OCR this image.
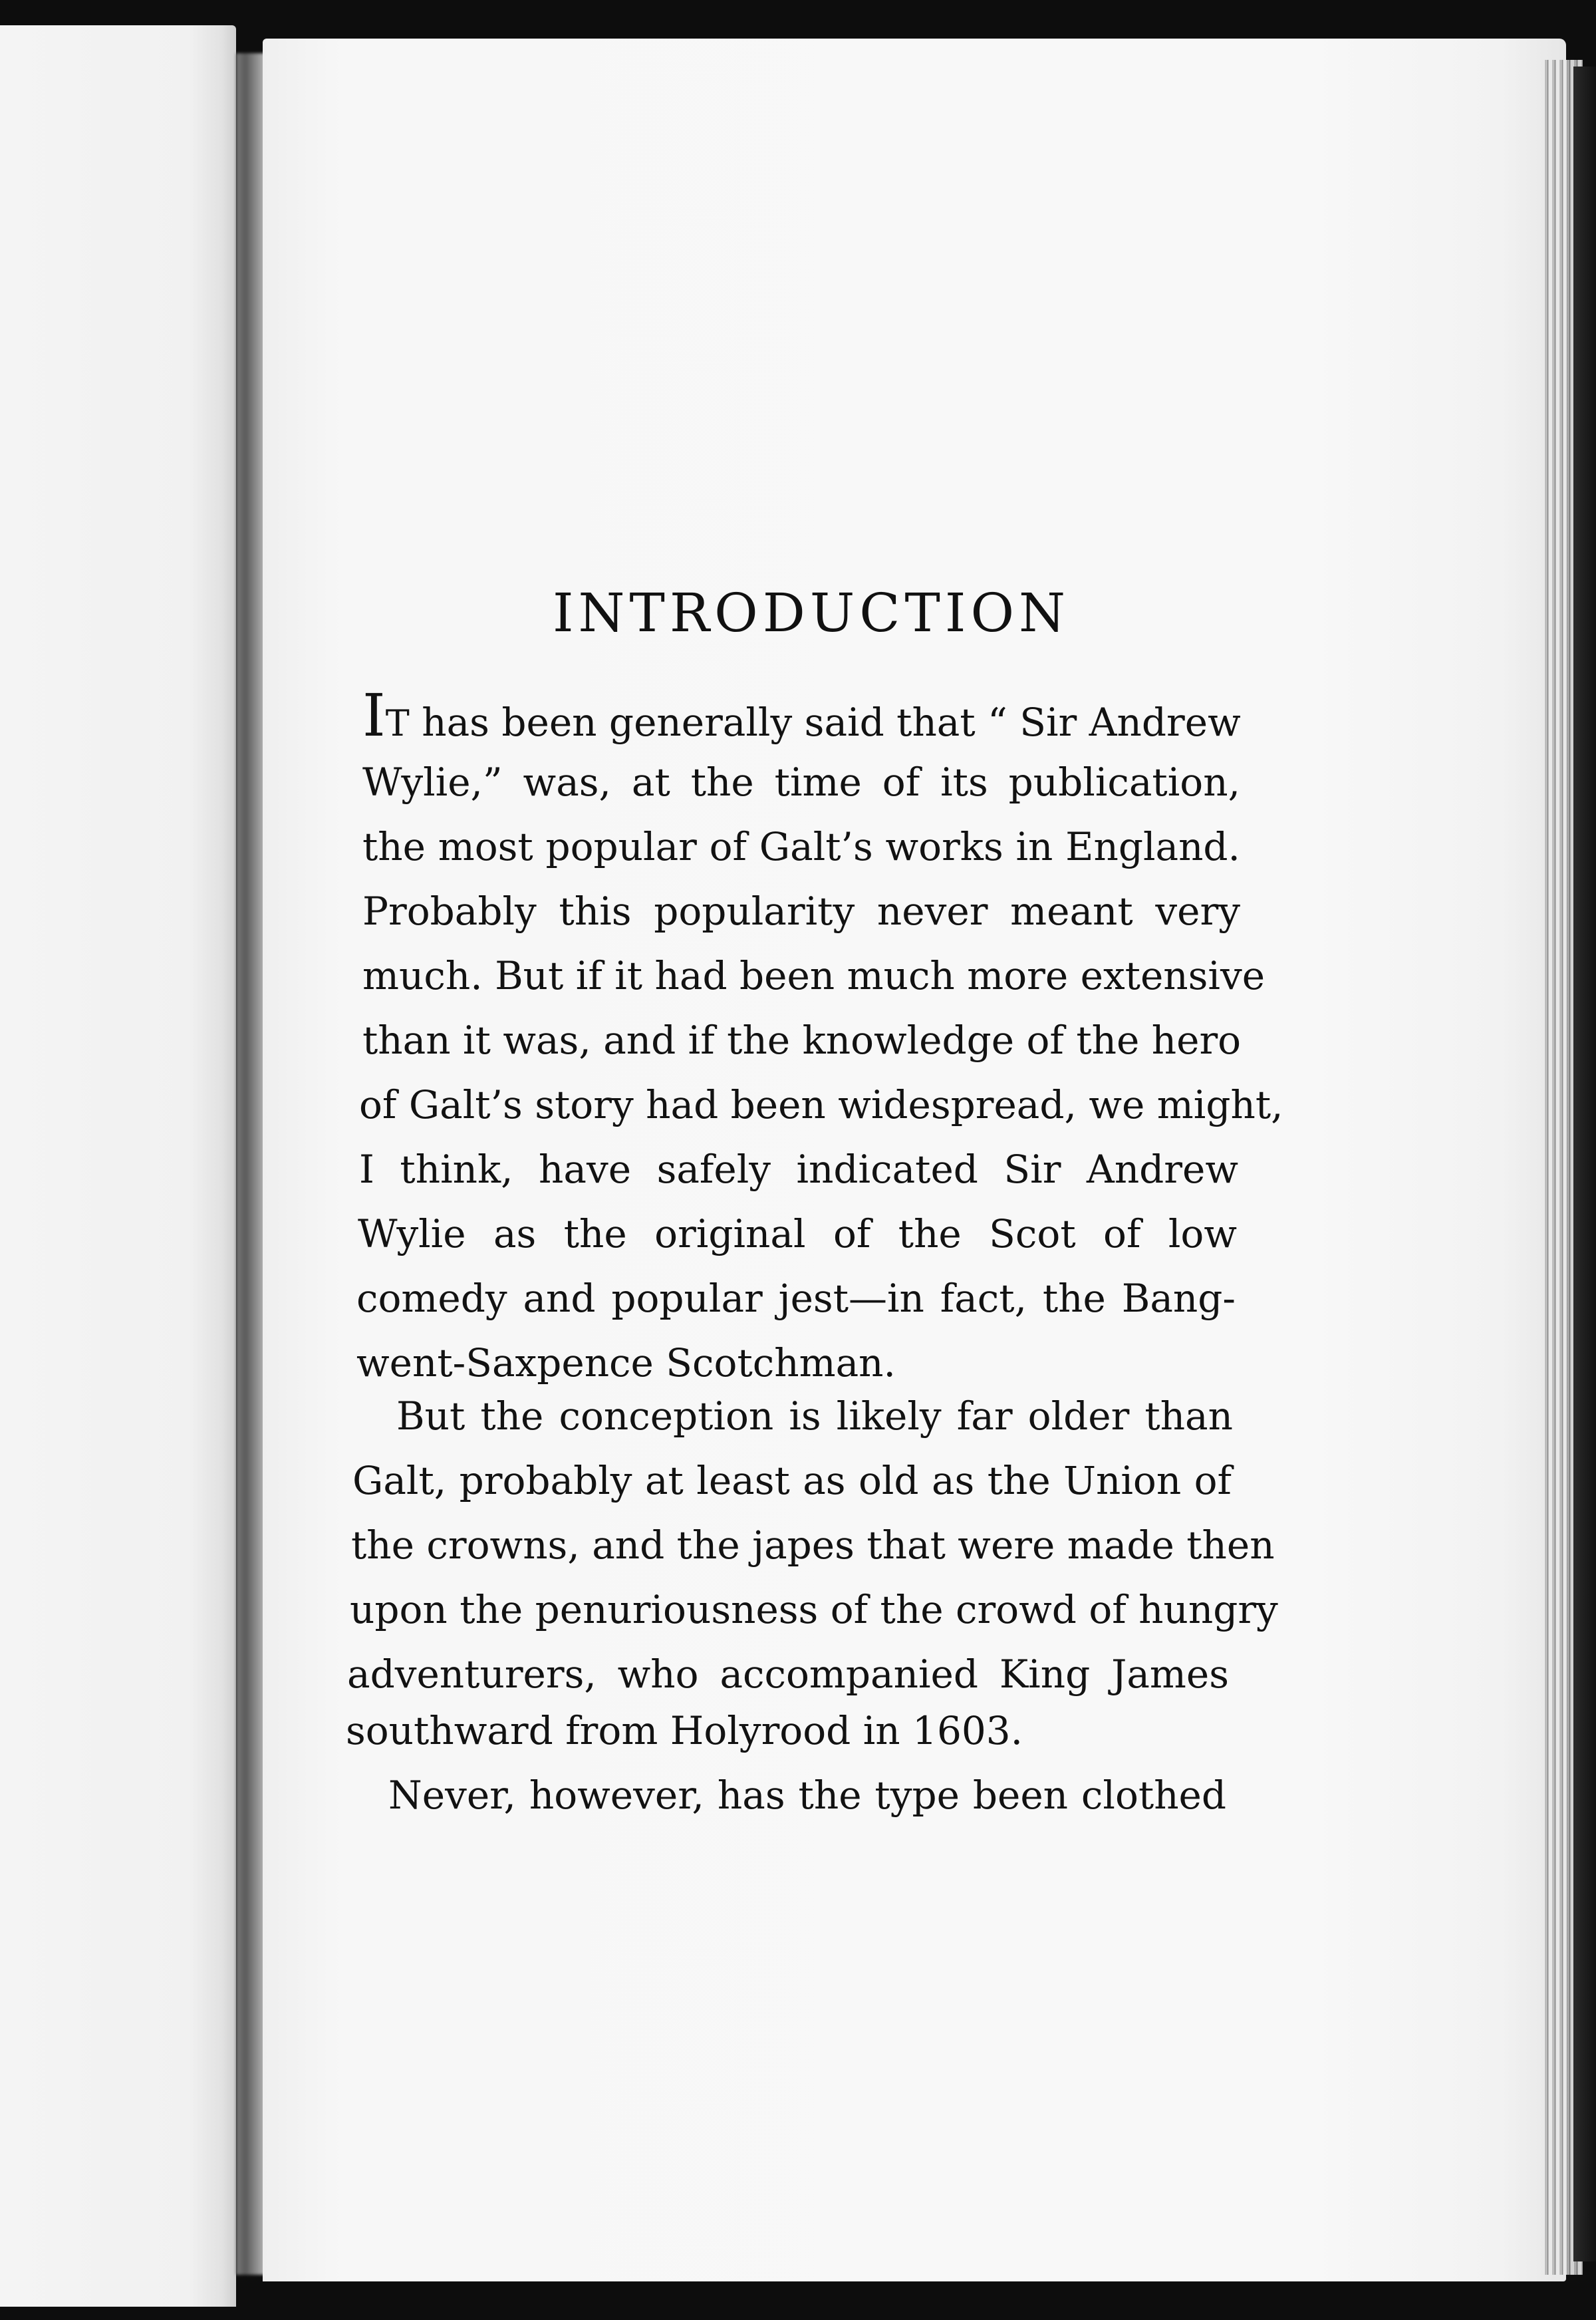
INTRODUCTION
IT has been generally said that “ Sir Andrew
Wylie,” was, at the time of its publication,
the most popular of Galt’s works in England.
Probably this popularity never meant very
much. But if it had been much more extensive
than it was, and if the knowledge of the hero
of Galt’s story had been widespread, we might,
I think, have safely indicated Sir Andrew
Wylie as the original of the Scot of low
comedy and popular jest—in fact, the Bang-
went-Saxpence Scotchman.
But the conception is likely far older than
Galt, probably at least as old as the Union of
the crowns, and the japes that were made then
upon the penuriousness of the crowd of hungry
adventurers, who accompanied King James
southward from Holyrood in 1603.
Never, however, has the type been clothed
